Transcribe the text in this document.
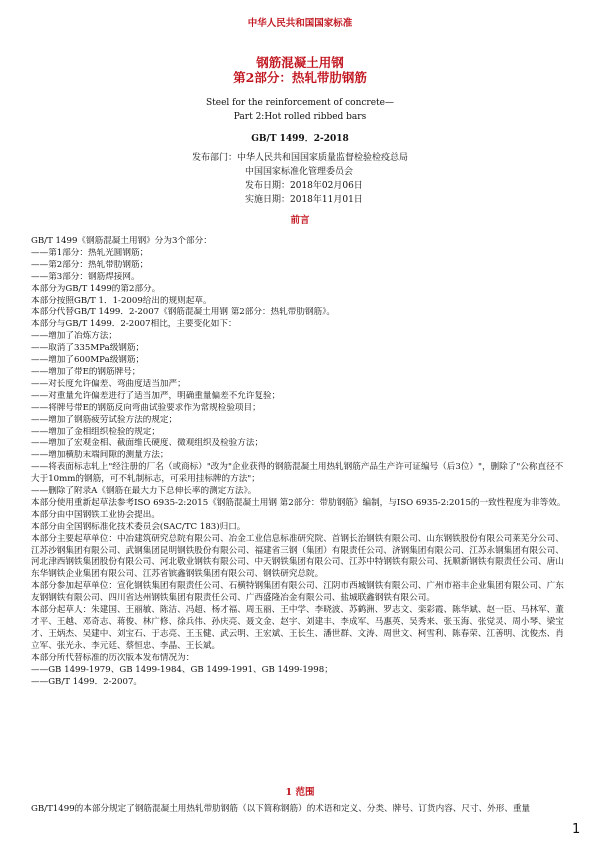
中华人民共和国国家标准
钢筋混凝土用钢
第2部分：热轧带肋钢筋
Steel for the reinforcement of concrete—
Part 2:Hot rolled ribbed bars
GB/T 1499．2-2018
发布部门：中华人民共和国国家质量监督检验检疫总局
中国国家标准化管理委员会
发布日期：2018年02月06日
实施日期：2018年11月01日
前言

GB/T 1499《钢筋混凝土用钢》分为3个部分：

——第1部分：热轧光圆钢筋；

——第2部分：热轧带肋钢筋；

——第3部分：钢筋焊接网。

本部分为GB/T 1499的第2部分。

本部分按照GB/T 1．1-2009给出的规则起草。

本部分代替GB/T 1499．2-2007《钢筋混凝土用钢 第2部分：热轧带肋钢筋》。

本部分与GB/T 1499．2-2007相比，主要变化如下：

——增加了冶炼方法；

——取消了335MPa级钢筋；

——增加了600MPa级钢筋；

——增加了带E的钢筋牌号；

——对长度允许偏差、弯曲度适当加严；

——对重量允许偏差进行了适当加严，明确重量偏差不允许复验；

——将牌号带E的钢筋反向弯曲试验要求作为常规检验项目；

——增加了钢筋疲劳试验方法的规定；

——增加了金相组织检验的规定；

——增加了宏观金相、截面维氏硬度、微观组织及检验方法；

——增加横肋末端间隙的测量方法；

——将表面标志轧上"经注册的厂名（或商标）"改为"企业获得的钢筋混凝土用热轧钢筋产品生产许可证编号（后3位）"，删除了"公称直径不大于10mm的钢筋，可不轧制标志，可采用挂标牌的方法"；

——删除了附录A《钢筋在最大力下总伸长率的测定方法》。

本部分使用重新起草法参考ISO 6935-2:2015《钢筋混凝土用钢 第2部分：带肋钢筋》编制，与ISO 6935-2:2015的一致性程度为非等效。

本部分由中国钢铁工业协会提出。

本部分由全国钢标准化技术委员会(SAC/TC 183)归口。

本部分主要起草单位：中冶建筑研究总院有限公司、冶金工业信息标准研究院、首钢长治钢铁有限公司、山东钢铁股份有限公司莱芜分公司、江苏沙钢集团有限公司、武钢集团昆明钢铁股份有限公司、福建省三钢（集团）有限责任公司、济钢集团有限公司、江苏永钢集团有限公司、河北津西钢铁集团股份有限公司、河北敬业钢铁有限公司、中天钢铁集团有限公司、江苏中特钢铁有限公司、抚顺新钢铁有限责任公司、唐山东华钢铁企业集团有限公司、江苏省镔鑫钢铁集团有限公司、钢铁研究总院。

本部分参加起草单位：宣化钢铁集团有限责任公司、石横特钢集团有限公司、江阴市西城钢铁有限公司、广州市裕丰企业集团有限公司、广东友钢钢铁有限公司、四川省达州钢铁集团有限责任公司、广西盛隆冶金有限公司、盐城联鑫钢铁有限公司。

本部分起草人：朱建国、王丽敏、陈洁、冯超、杨才福、周玉丽、王中学、李晓波、苏鹤洲、罗志文、栾彩霞、陈华斌、赵一臣、马林军、董才平、王越、邓奇志、蒋俊、林广修、徐兵伟、孙庆亮、聂文金、赵宇、刘建丰、李成军、马惠英、吴秀来、张玉海、张觉灵、周小琴、梁宝才、王炳杰、吴建中、刘宝石、于志亮、王玉健、武云明、王宏斌、王长生、潘世群、文涛、周世文、柯雪利、陈春荣、江善明、沈俊杰、肖立军、张光永、李元廷、蔡恒忠、李晶、王长斌。

本部分所代替标准的历次版本发布情况为：

——GB 1499-1979、GB 1499-1984、GB 1499-1991、GB 1499-1998；

——GB/T 1499．2-2007。

1 范围
GB/T1499的本部分规定了钢筋混凝土用热轧带肋钢筋（以下简称钢筋）的术语和定义、分类、牌号、订货内容、尺寸、外形、重量
1
